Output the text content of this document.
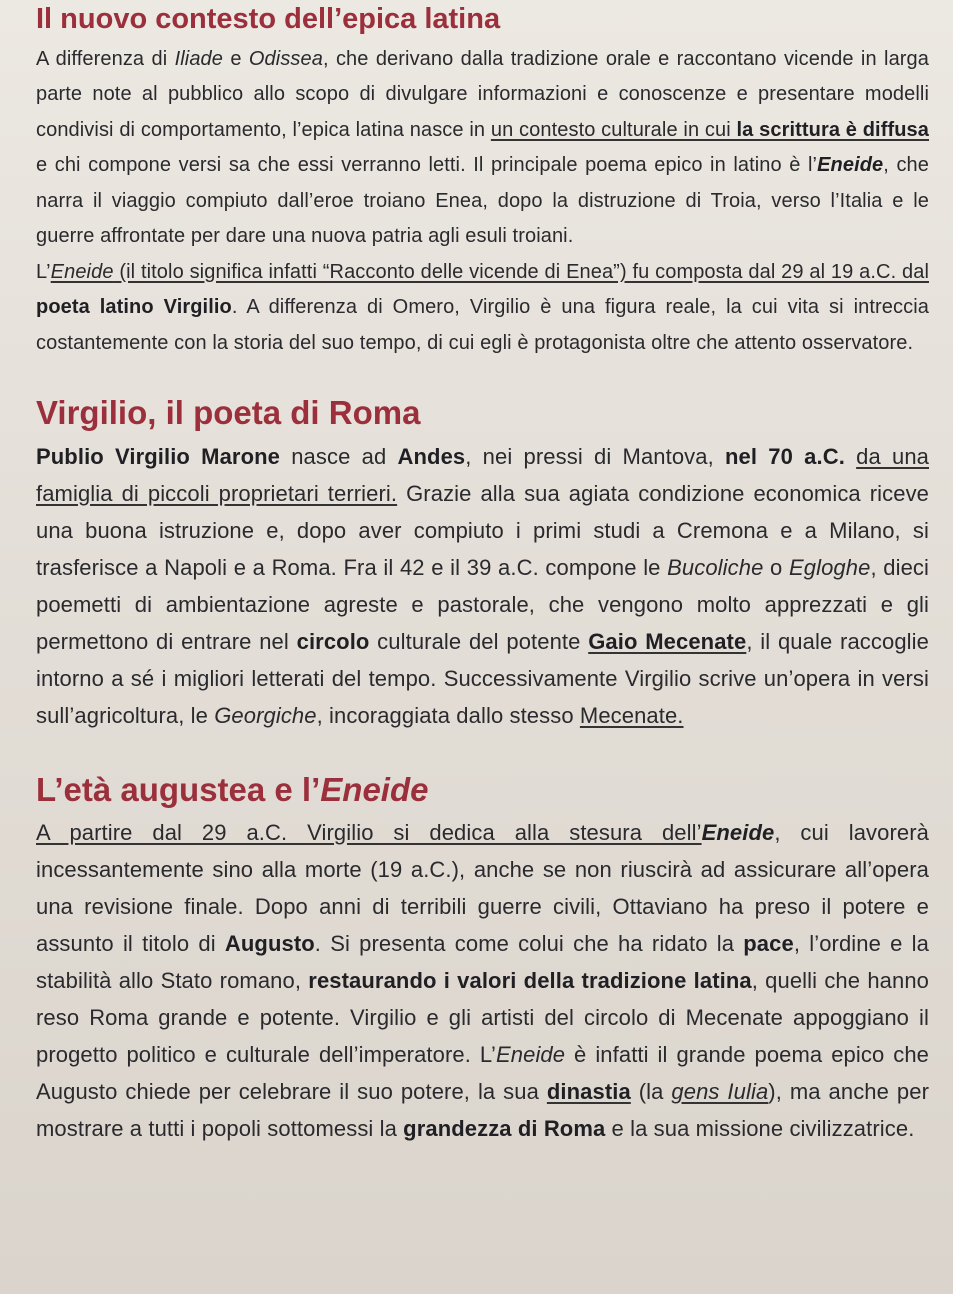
Il nuovo contesto dell’epica latina

A differenza di Iliade e Odissea, che derivano dalla tradizione orale e raccontano vicende in larga parte note al pubblico allo scopo di divulgare informazioni e conoscenze e presentare modelli condivisi di comportamento, l’epica latina nasce in un contesto culturale in cui la scrittura è diffusa e chi compone versi sa che essi verranno letti. Il principale poema epico in latino è l’Eneide, che narra il viaggio compiuto dall’eroe troiano Enea, dopo la distruzione di Troia, verso l’Italia e le guerre affrontate per dare una nuova patria agli esuli troiani.

L’Eneide (il titolo significa infatti “Racconto delle vicende di Enea”) fu composta dal 29 al 19 a.C. dal poeta latino Virgilio. A differenza di Omero, Virgilio è una figura reale, la cui vita si intreccia costantemente con la storia del suo tempo, di cui egli è protagonista oltre che attento osservatore.

Virgilio, il poeta di Roma

Publio Virgilio Marone nasce ad Andes, nei pressi di Mantova, nel 70 a.C. da una famiglia di piccoli proprietari terrieri. Grazie alla sua agiata condizione economica riceve una buona istruzione e, dopo aver compiuto i primi studi a Cremona e a Milano, si trasferisce a Napoli e a Roma. Fra il 42 e il 39 a.C. compone le Bucoliche o Egloghe, dieci poemetti di ambientazione agreste e pastorale, che vengono molto apprezzati e gli permettono di entrare nel circolo culturale del potente Gaio Mecenate, il quale raccoglie intorno a sé i migliori letterati del tempo. Successivamente Virgilio scrive un’opera in versi sull’agricoltura, le Georgiche, incoraggiata dallo stesso Mecenate.

L’età augustea e l’Eneide

A partire dal 29 a.C. Virgilio si dedica alla stesura dell’Eneide, cui lavorerà incessantemente sino alla morte (19 a.C.), anche se non riuscirà ad assicurare all’opera una revisione finale. Dopo anni di terribili guerre civili, Ottaviano ha preso il potere e assunto il titolo di Augusto. Si presenta come colui che ha ridato la pace, l’ordine e la stabilità allo Stato romano, restaurando i valori della tradizione latina, quelli che hanno reso Roma grande e potente. Virgilio e gli artisti del circolo di Mecenate appoggiano il progetto politico e culturale dell’imperatore. L’Eneide è infatti il grande poema epico che Augusto chiede per celebrare il suo potere, la sua dinastia (la gens Iulia), ma anche per mostrare a tutti i popoli sottomessi la grandezza di Roma e la sua missione civilizzatrice.
